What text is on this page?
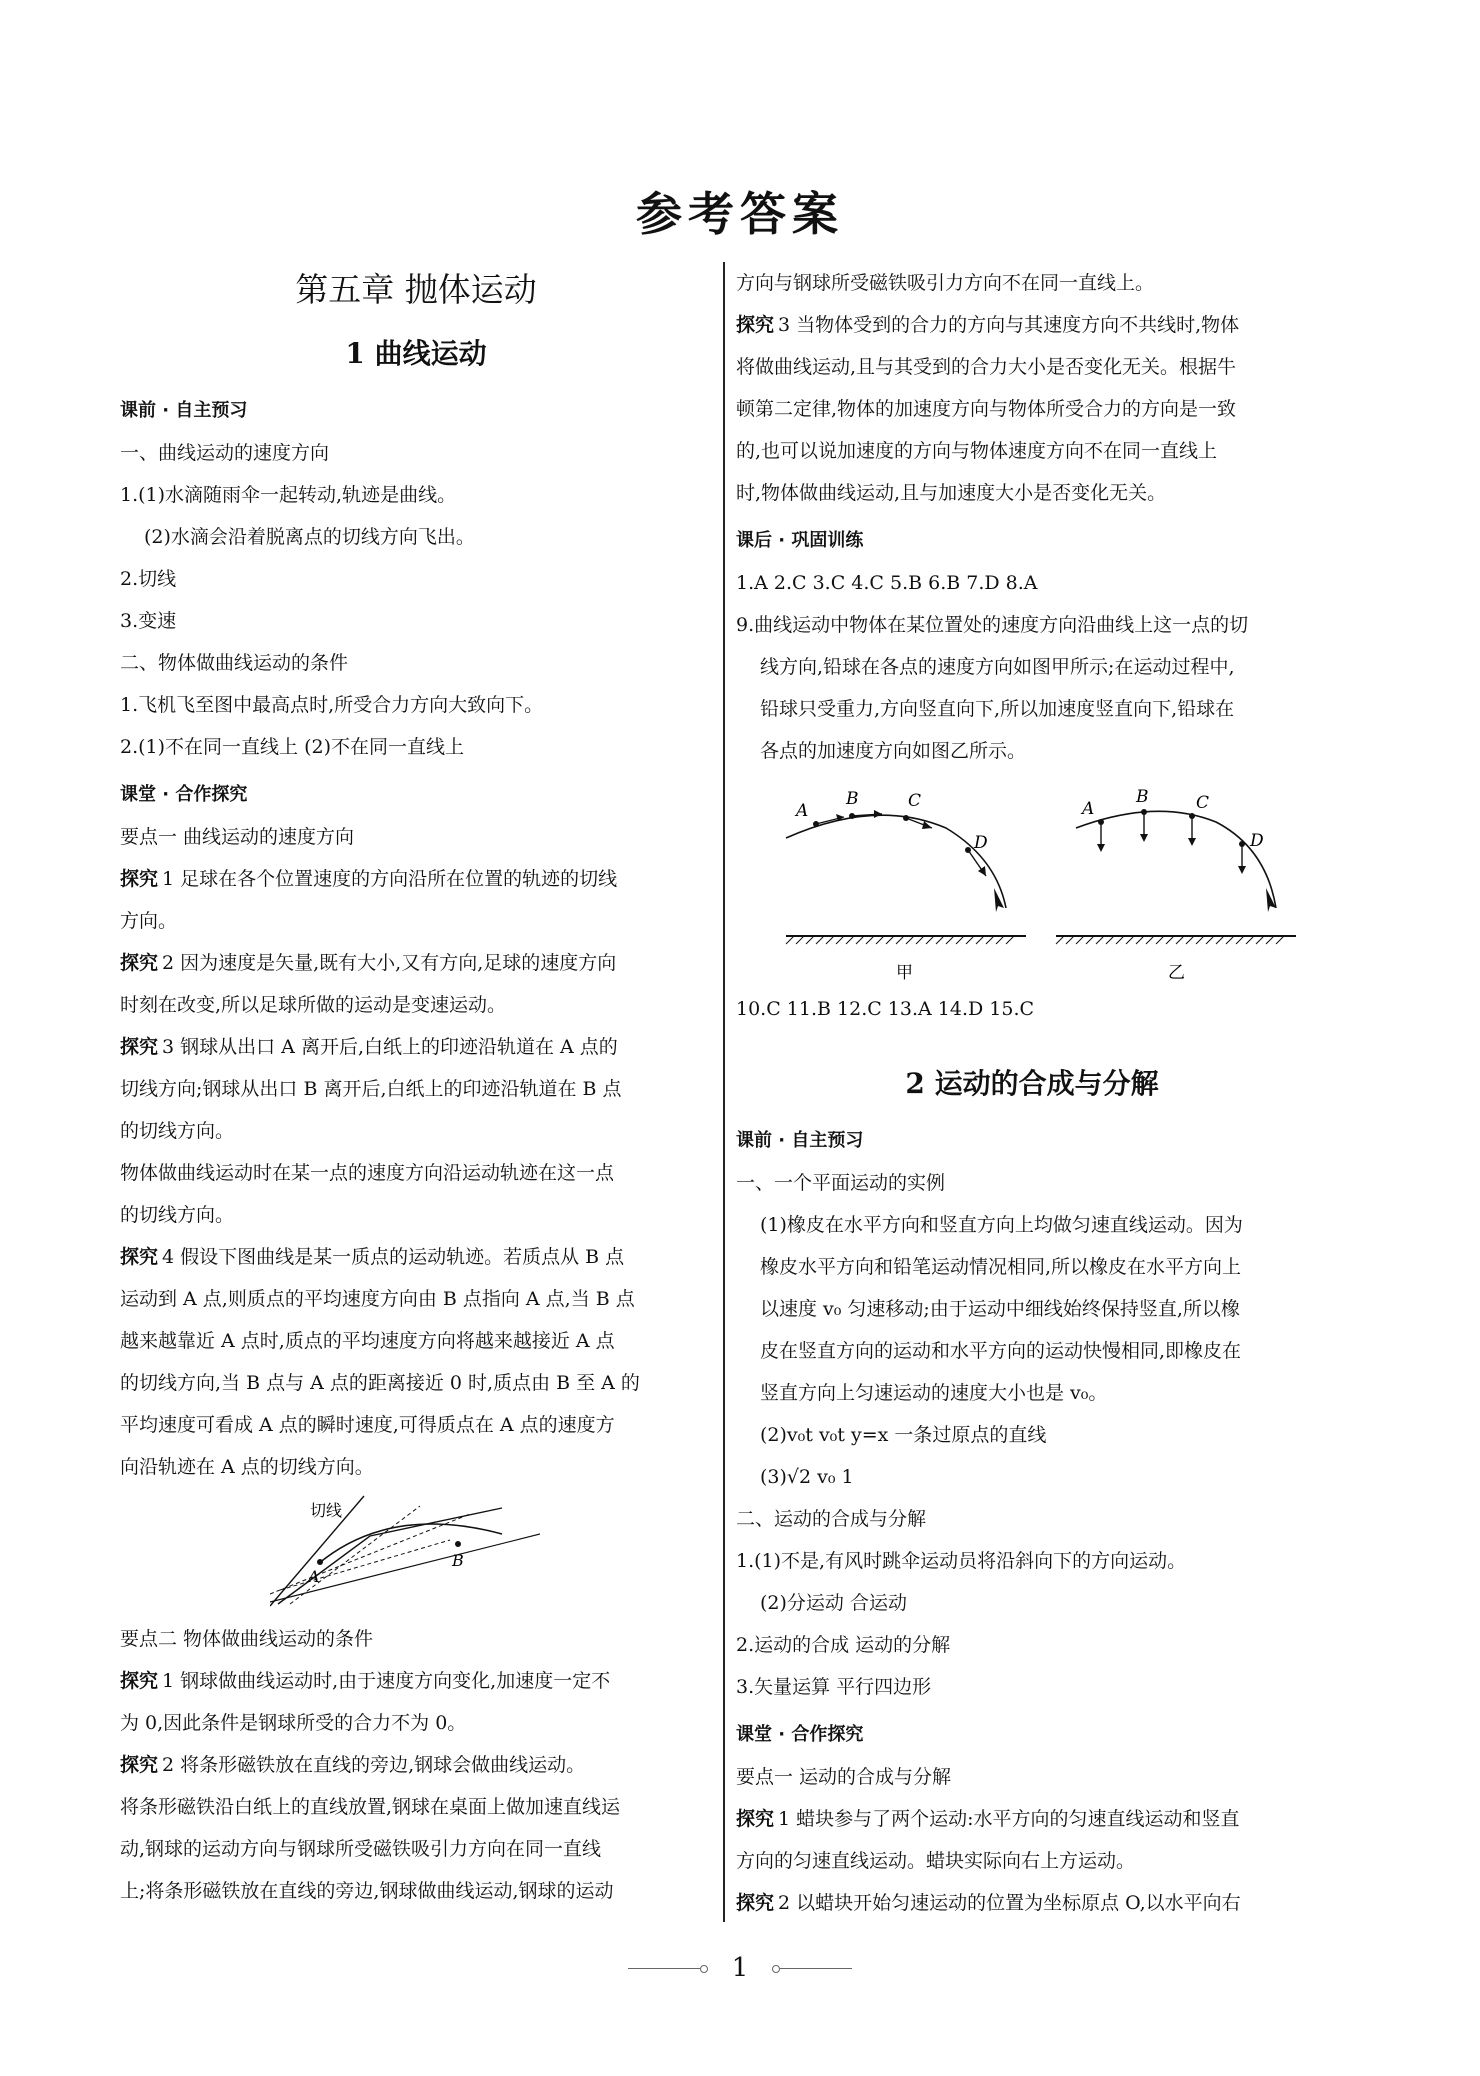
参考答案
第五章 抛体运动
1 曲线运动
课前 · 自主预习
一、曲线运动的速度方向
1.(1)水滴随雨伞一起转动,轨迹是曲线。
(2)水滴会沿着脱离点的切线方向飞出。
2.切线
3.变速
二、物体做曲线运动的条件
1.飞机飞至图中最高点时,所受合力方向大致向下。
2.(1)不在同一直线上 (2)不在同一直线上
课堂 · 合作探究
要点一 曲线运动的速度方向
探究 1 足球在各个位置速度的方向沿所在位置的轨迹的切线
方向。
探究 2 因为速度是矢量,既有大小,又有方向,足球的速度方向
时刻在改变,所以足球所做的运动是变速运动。
探究 3 钢球从出口 A 离开后,白纸上的印迹沿轨道在 A 点的
切线方向;钢球从出口 B 离开后,白纸上的印迹沿轨道在 B 点
的切线方向。
物体做曲线运动时在某一点的速度方向沿运动轨迹在这一点
的切线方向。
探究 4 假设下图曲线是某一质点的运动轨迹。若质点从 B 点
运动到 A 点,则质点的平均速度方向由 B 点指向 A 点,当 B 点
越来越靠近 A 点时,质点的平均速度方向将越来越接近 A 点
的切线方向,当 B 点与 A 点的距离接近 0 时,质点由 B 至 A 的
平均速度可看成 A 点的瞬时速度,可得质点在 A 点的速度方
向沿轨迹在 A 点的切线方向。
切线
A
B
要点二 物体做曲线运动的条件
探究 1 钢球做曲线运动时,由于速度方向变化,加速度一定不
为 0,因此条件是钢球所受的合力不为 0。
探究 2 将条形磁铁放在直线的旁边,钢球会做曲线运动。
将条形磁铁沿白纸上的直线放置,钢球在桌面上做加速直线运
动,钢球的运动方向与钢球所受磁铁吸引力方向在同一直线
上;将条形磁铁放在直线的旁边,钢球做曲线运动,钢球的运动
方向与钢球所受磁铁吸引力方向不在同一直线上。
探究 3 当物体受到的合力的方向与其速度方向不共线时,物体
将做曲线运动,且与其受到的合力大小是否变化无关。根据牛
顿第二定律,物体的加速度方向与物体所受合力的方向是一致
的,也可以说加速度的方向与物体速度方向不在同一直线上
时,物体做曲线运动,且与加速度大小是否变化无关。
课后 · 巩固训练
1.A 2.C 3.C 4.C 5.B 6.B 7.D 8.A
9.曲线运动中物体在某位置处的速度方向沿曲线上这一点的切
线方向,铅球在各点的速度方向如图甲所示;在运动过程中,
铅球只受重力,方向竖直向下,所以加速度竖直向下,铅球在
各点的加速度方向如图乙所示。
A
B	C
D
甲
A
B	C
D
乙
10.C 11.B 12.C 13.A 14.D 15.C
2 运动的合成与分解
课前 · 自主预习
一、一个平面运动的实例
(1)橡皮在水平方向和竖直方向上均做匀速直线运动。因为
橡皮水平方向和铅笔运动情况相同,所以橡皮在水平方向上
以速度 v₀ 匀速移动;由于运动中细线始终保持竖直,所以橡
皮在竖直方向的运动和水平方向的运动快慢相同,即橡皮在
竖直方向上匀速运动的速度大小也是 v₀。
(2)v₀t v₀t y=x 一条过原点的直线
(3)√2 v₀ 1
二、运动的合成与分解
1.(1)不是,有风时跳伞运动员将沿斜向下的方向运动。
(2)分运动 合运动
2.运动的合成 运动的分解
3.矢量运算 平行四边形
课堂 · 合作探究
要点一 运动的合成与分解
探究 1 蜡块参与了两个运动:水平方向的匀速直线运动和竖直
方向的匀速直线运动。蜡块实际向右上方运动。
探究 2 以蜡块开始匀速运动的位置为坐标原点 O,以水平向右
1
